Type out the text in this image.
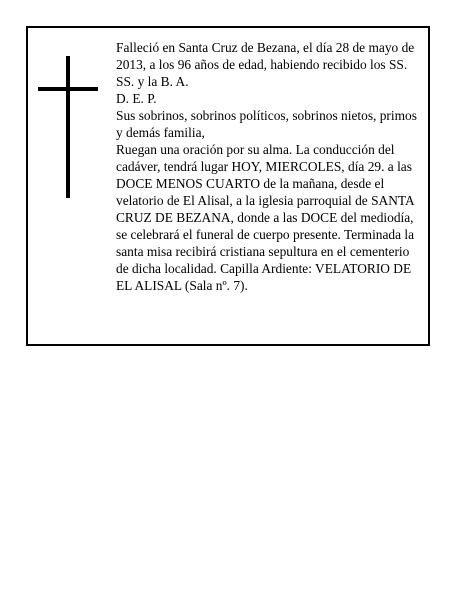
Falleció en Santa Cruz de Bezana, el día 28 de mayo de 2013, a los 96 años de edad, habiendo recibido los SS. SS. y la B. A.

D. E. P.

Sus sobrinos, sobrinos políticos, sobrinos nietos, primos y demás familia,

Ruegan una oración por su alma. La conducción del cadáver, tendrá lugar HOY, MIERCOLES, día 29. a las DOCE MENOS CUARTO de la mañana, desde el velatorio de El Alisal, a la iglesia parroquial de SANTA CRUZ DE BEZANA, donde a las DOCE del mediodía, se celebrará el funeral de cuerpo presente. Terminada la santa misa recibirá cristiana sepultura en el cementerio de dicha localidad. Capilla Ardiente: VELATORIO DE EL ALISAL (Sala nº. 7).
